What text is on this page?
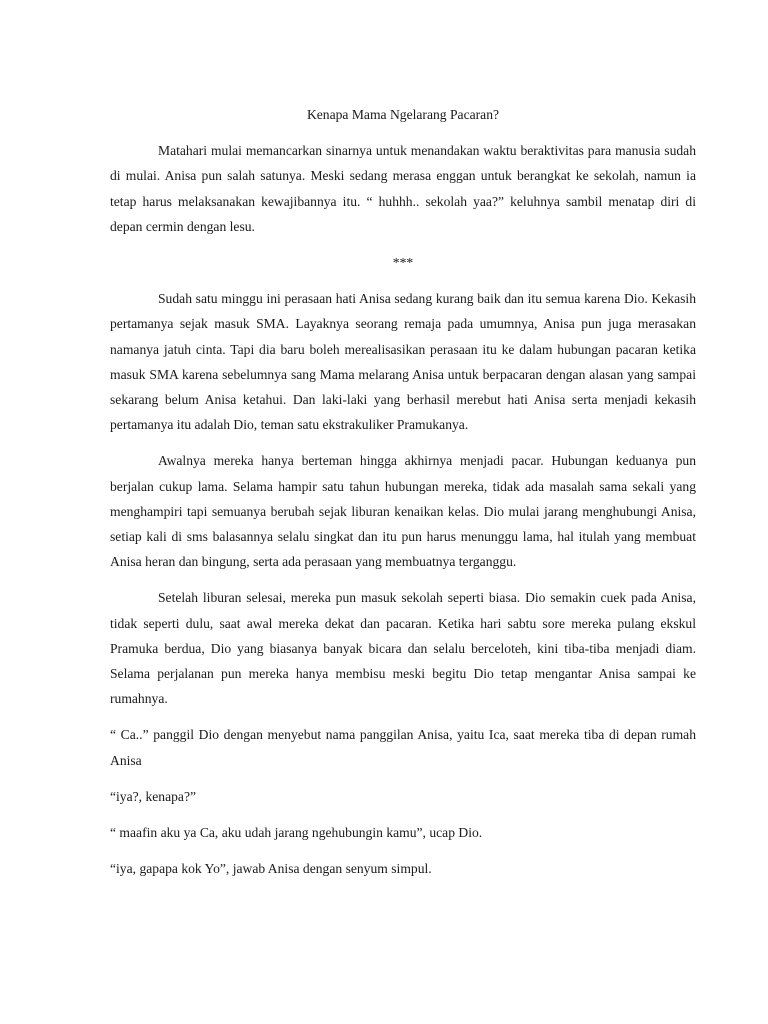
Kenapa Mama Ngelarang Pacaran?

Matahari mulai memancarkan sinarnya untuk menandakan waktu beraktivitas para manusia sudah di mulai. Anisa pun salah satunya. Meski sedang merasa enggan untuk berangkat ke sekolah, namun ia tetap harus melaksanakan kewajibannya itu. “ huhhh.. sekolah yaa?” keluhnya sambil menatap diri di depan cermin dengan lesu.

***

Sudah satu minggu ini perasaan hati Anisa sedang kurang baik dan itu semua karena Dio. Kekasih pertamanya sejak masuk SMA. Layaknya seorang remaja pada umumnya, Anisa pun juga merasakan namanya jatuh cinta. Tapi dia baru boleh merealisasikan perasaan itu ke dalam hubungan pacaran ketika masuk SMA karena sebelumnya sang Mama melarang Anisa untuk berpacaran dengan alasan yang sampai sekarang belum Anisa ketahui. Dan laki-laki yang berhasil merebut hati Anisa serta menjadi kekasih pertamanya itu adalah Dio, teman satu ekstrakuliker Pramukanya.

Awalnya mereka hanya berteman hingga akhirnya menjadi pacar. Hubungan keduanya pun berjalan cukup lama. Selama hampir satu tahun hubungan mereka, tidak ada masalah sama sekali yang menghampiri tapi semuanya berubah sejak liburan kenaikan kelas. Dio mulai jarang menghubungi Anisa, setiap kali di sms balasannya selalu singkat dan itu pun harus menunggu lama, hal itulah yang membuat Anisa heran dan bingung, serta ada perasaan yang membuatnya terganggu.

Setelah liburan selesai, mereka pun masuk sekolah seperti biasa. Dio semakin cuek pada Anisa, tidak seperti dulu, saat awal mereka dekat dan pacaran. Ketika hari sabtu sore mereka pulang ekskul Pramuka berdua, Dio yang biasanya banyak bicara dan selalu berceloteh, kini tiba-tiba menjadi diam. Selama perjalanan pun mereka hanya membisu meski begitu Dio tetap mengantar Anisa sampai ke rumahnya.

“ Ca..” panggil Dio dengan menyebut nama panggilan Anisa, yaitu Ica, saat mereka tiba di depan rumah Anisa

“iya?, kenapa?”

“ maafin aku ya Ca, aku udah jarang ngehubungin kamu”, ucap Dio.

“iya, gapapa kok Yo”, jawab Anisa dengan senyum simpul.
